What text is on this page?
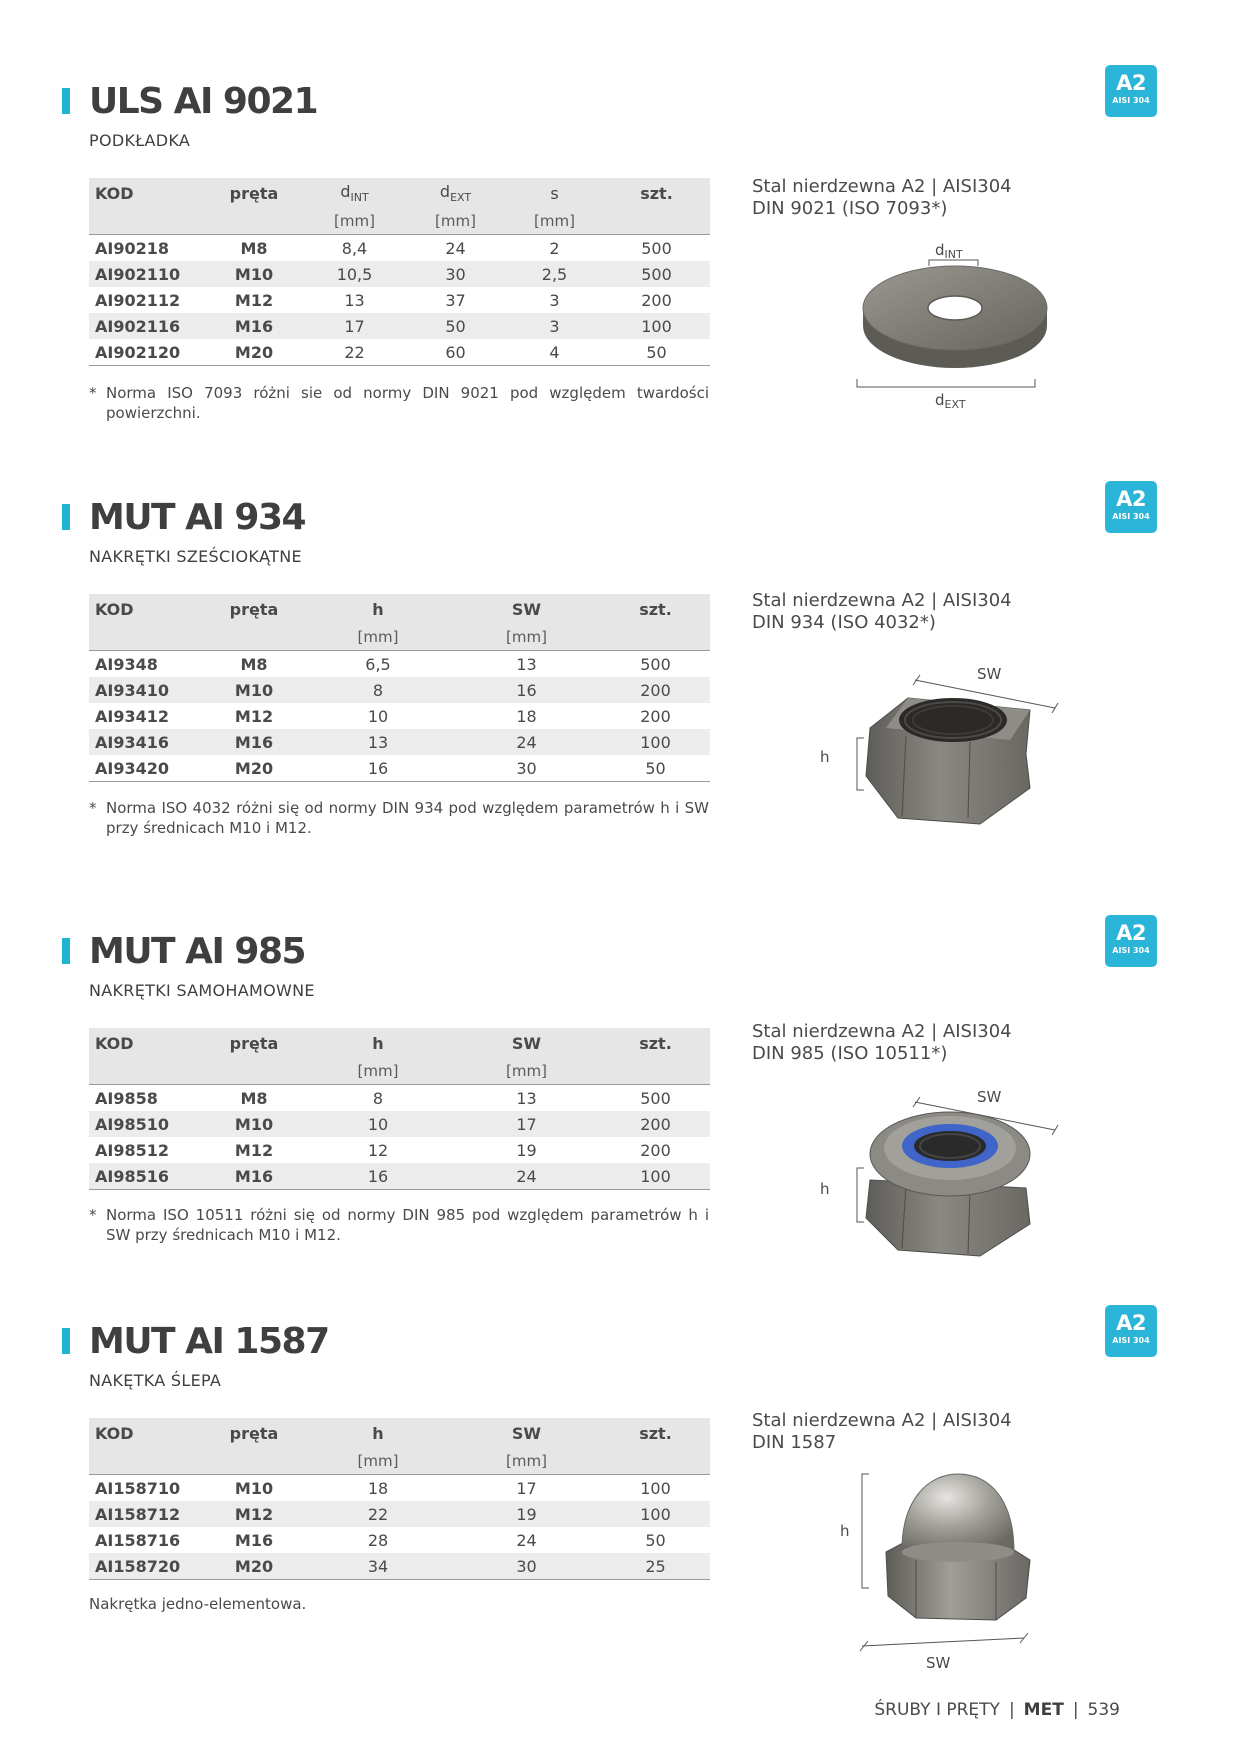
ULS AI 9021
PODKŁADKA
A2
AISI 304
KOD	pręta	$d_{INT}$	$d_{EXT}$	s	szt.
		[mm]	[mm]	[mm]	
AI90218	M8	8,4	24	2	500
AI902110	M10	10,5	30	2,5	500
AI902112	M12	13	37	3	200
AI902116	M16	17	50	3	100
AI902120	M20	22	60	4	50
* Norma ISO 7093 różni sie od normy DIN 9021 pod względem twardości powierzchni.
Stal nierdzewna A2 | AISI304
DIN 9021 (ISO 7093*)
$d_{INT}$
$d_{EXT}$
MUT AI 934
NAKRĘTKI SZEŚCIOKĄTNE
A2
AISI 304
KOD	pręta	h	SW	szt.
		[mm]	[mm]	
AI9348	M8	6,5	13	500
AI93410	M10	8	16	200
AI93412	M12	10	18	200
AI93416	M16	13	24	100
AI93420	M20	16	30	50
* Norma ISO 4032 różni się od normy DIN 934 pod względem parametrów h i SW przy średnicach M10 i M12.
Stal nierdzewna A2 | AISI304
DIN 934 (ISO 4032*)
SW
h
MUT AI 985
NAKRĘTKI SAMOHAMOWNE
A2
AISI 304
KOD	pręta	h	SW	szt.
		[mm]	[mm]	
AI9858	M8	8	13	500
AI98510	M10	10	17	200
AI98512	M12	12	19	200
AI98516	M16	16	24	100
* Norma ISO 10511 różni się od normy DIN 985 pod względem parametrów h i SW przy średnicach M10 i M12.
Stal nierdzewna A2 | AISI304
DIN 985 (ISO 10511*)
SW
h
MUT AI 1587
NAKĘTKA ŚLEPA
A2
AISI 304
KOD	pręta	h	SW	szt.
		[mm]	[mm]	
AI158710	M10	18	17	100
AI158712	M12	22	19	100
AI158716	M16	28	24	50
AI158720	M20	34	30	25
Nakrętka jedno-elementowa.
Stal nierdzewna A2 | AISI304
DIN 1587
h
SW
ŚRUBY I PRĘTY | MET | 539
